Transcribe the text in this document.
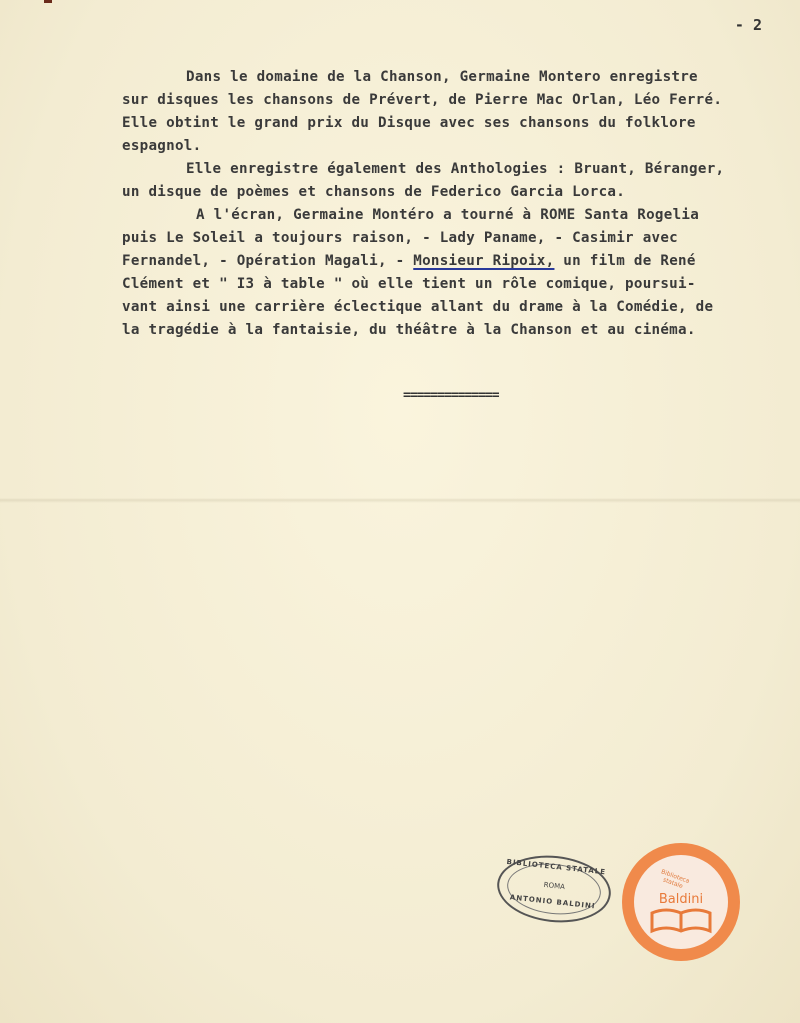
- 2
Dans le domaine de la Chanson, Germaine Montero enregistre
sur disques les chansons de Prévert, de Pierre Mac Orlan, Léo Ferré.
Elle obtint le grand prix du Disque avec ses chansons du folklore
espagnol.
Elle enregistre également des Anthologies : Bruant, Béranger,
un disque de poèmes et chansons de Federico Garcia Lorca.
A l'écran, Germaine Montéro a tourné à ROME Santa Rogelia
puis Le Soleil a toujours raison, - Lady Paname, - Casimir avec
Fernandel, - Opération Magali, - Monsieur Ripoix, un film de René
Clément et " I3 à table " où elle tient un rôle comique, poursui-
vant ainsi une carrière éclectique allant du drame à la Comédie, de
la tragédie à la fantaisie, du théâtre à la Chanson et au cinéma.
==============
BIBLIOTECA STATALE
ROMA
ANTONIO BALDINI
Biblioteca statale
Baldini
